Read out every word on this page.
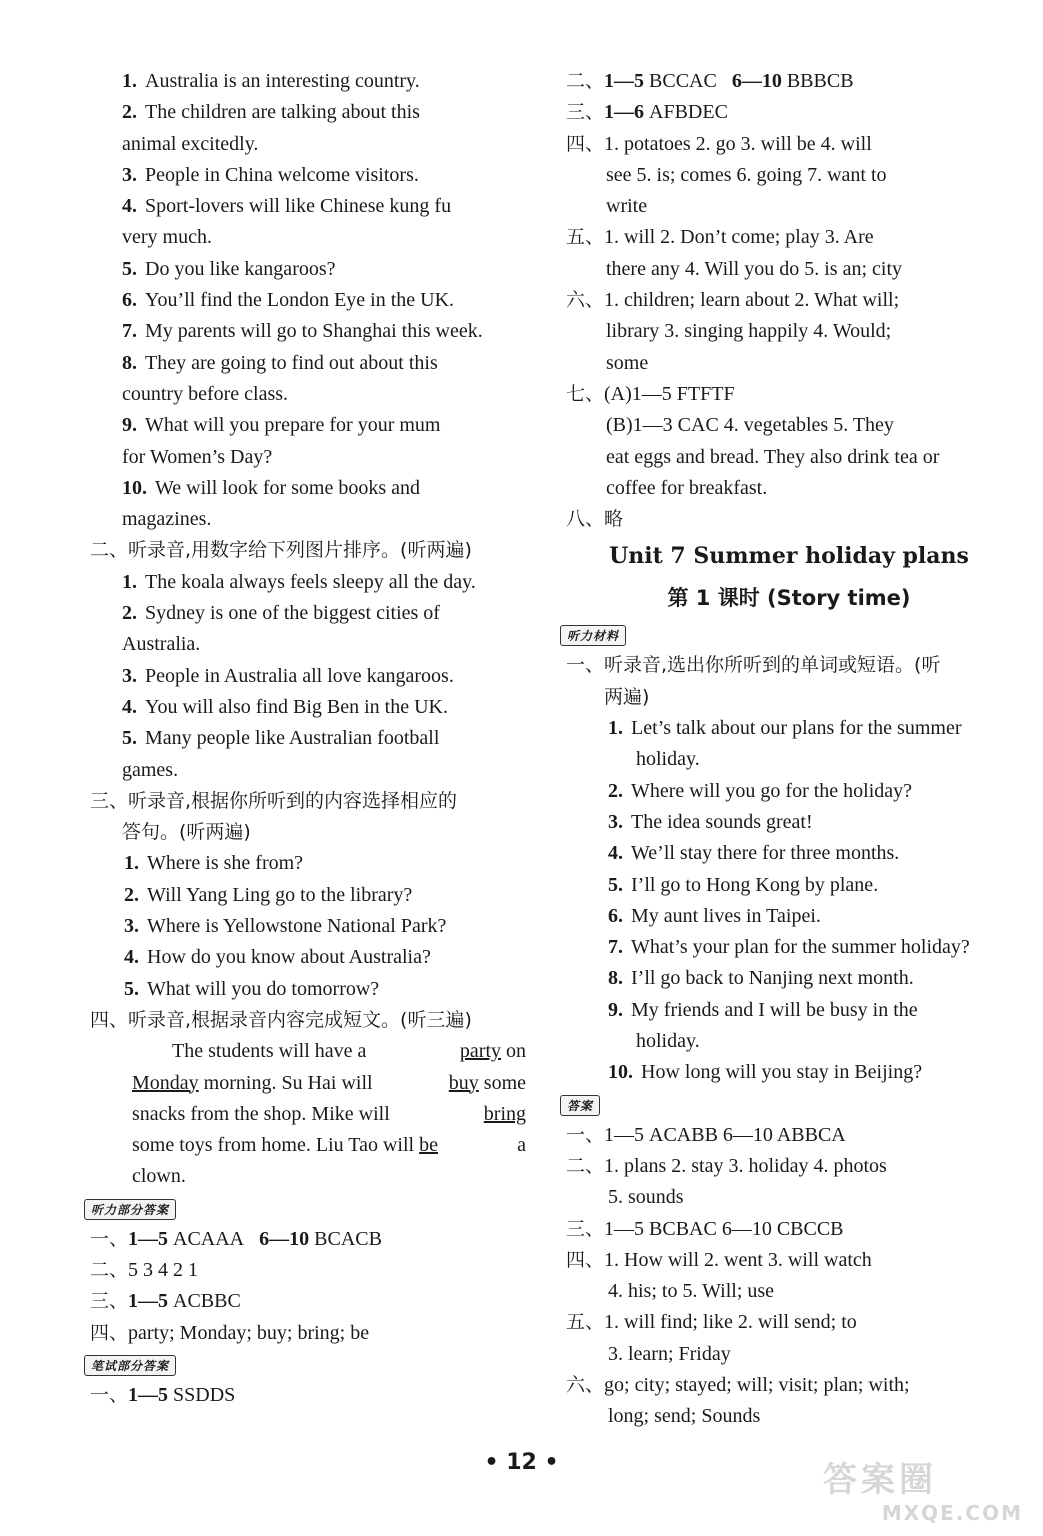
1. Australia is an interesting country.
2. The children are talking about this
animal excitedly.
3. People in China welcome visitors.
4. Sport-lovers will like Chinese kung fu
very much.
5. Do you like kangaroos?
6. You’ll find the London Eye in the UK.
7. My parents will go to Shanghai this week.
8. They are going to find out about this
country before class.
9. What will you prepare for your mum
for Women’s Day?
10. We will look for some books and
magazines.
二、听录音,用数字给下列图片排序。(听两遍)
1. The koala always feels sleepy all the day.
2. Sydney is one of the biggest cities of
Australia.
3. People in Australia all love kangaroos.
4. You will also find Big Ben in the UK.
5. Many people like Australian football
games.
三、听录音,根据你所听到的内容选择相应的
答句。(听两遍)
1. Where is she from?
2. Will Yang Ling go to the library?
3. Where is Yellowstone National Park?
4. How do you know about Australia?
5. What will you do tomorrow?
四、听录音,根据录音内容完成短文。(听三遍)
The students will have a	party on
Monday morning. Su Hai will	buy some
snacks from the shop. Mike will	bring
some toys from home. Liu Tao will be	a
clown.
听力部分答案
一、1—5 ACAAA 6—10 BCACB
二、5 3 4 2 1
三、1—5 ACBBC
四、party; Monday; buy; bring; be
笔试部分答案
一、1—5 SSDDS
二、1—5 BCCAC 6—10 BBBCB
三、1—6 AFBDEC
四、1. potatoes 2. go 3. will be 4. will
see 5. is; comes 6. going 7. want to
write
五、1. will 2. Don’t come; play 3. Are
there any 4. Will you do 5. is an; city
六、1. children; learn about 2. What will;
library 3. singing happily 4. Would;
some
七、(A)1—5 FTFTF
(B)1—3 CAC 4. vegetables 5. They
eat eggs and bread. They also drink tea or
coffee for breakfast.
八、略
Unit 7 Summer holiday plans
第 1 课时 (Story time)
听力材料
一、听录音,选出你所听到的单词或短语。(听
两遍)
1. Let’s talk about our plans for the summer
holiday.
2. Where will you go for the holiday?
3. The idea sounds great!
4. We’ll stay there for three months.
5. I’ll go to Hong Kong by plane.
6. My aunt lives in Taipei.
7. What’s your plan for the summer holiday?
8. I’ll go back to Nanjing next month.
9. My friends and I will be busy in the
holiday.
10. How long will you stay in Beijing?
答案
一、1—5 ACABB 6—10 ABBCA
二、1. plans 2. stay 3. holiday 4. photos
5. sounds
三、1—5 BCBAC 6—10 CBCCB
四、1. How will 2. went 3. will watch
4. his; to 5. Will; use
五、1. will find; like 2. will send; to
3. learn; Friday
六、go; city; stayed; will; visit; plan; with;
long; send; Sounds
• 12 •	答案圈
MXQE.COM
